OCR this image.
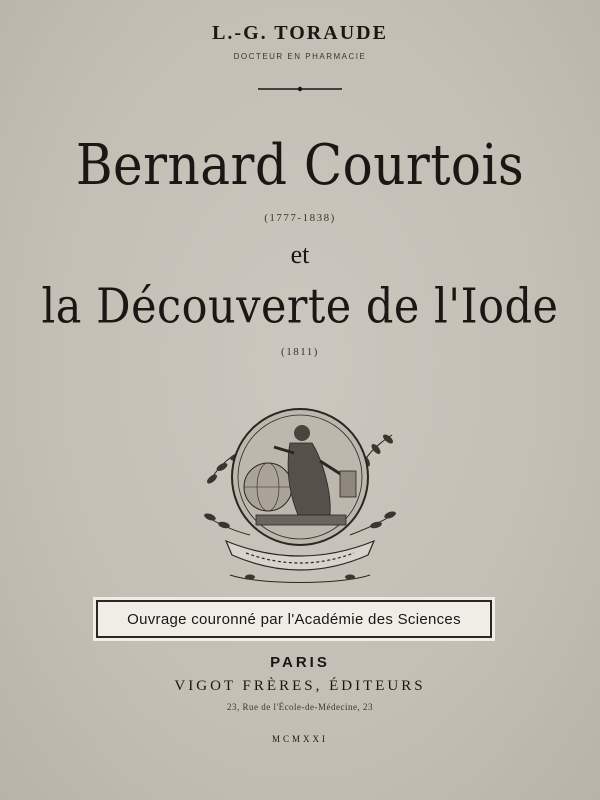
L.-G. TORAUDE
DOCTEUR EN PHARMACIE
Bernard Courtois
(1777-1838)
et
la Découverte de l'Iode
(1811)
Ouvrage couronné par l'Académie des Sciences
PARIS
VIGOT FRÈRES, ÉDITEURS
23, Rue de l'École-de-Médecine, 23
MCMXXI
